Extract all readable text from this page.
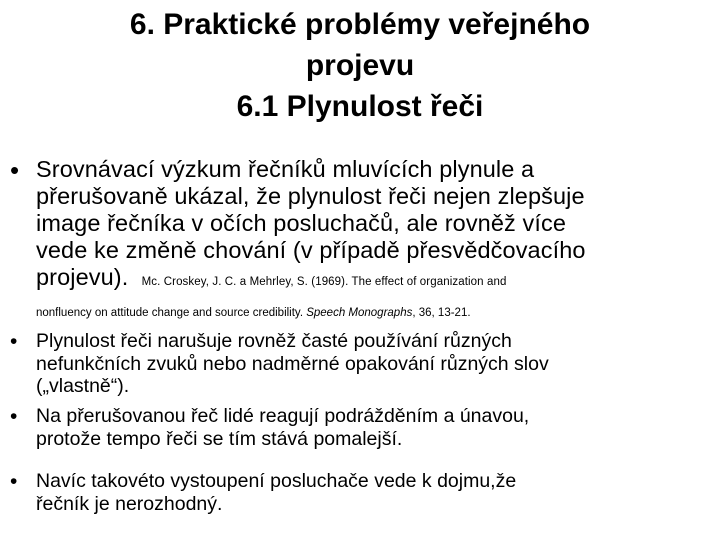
6. Praktické problémy veřejného
projevu
6.1 Plynulost řeči
• Srovnávací výzkum řečníků mluvících plynule a
přerušovaně ukázal, že plynulost řeči nejen zlepšuje
image řečníka v očích posluchačů, ale rovněž více
vede ke změně chování (v případě přesvědčovacího
projevu). Mc. Croskey, J. C. a Mehrley, S. (1969). The effect of organization and
nonfluency on attitude change and source credibility. Speech Monographs, 36, 13-21.
• Plynulost řeči narušuje rovněž časté používání různých
nefunkčních zvuků nebo nadměrné opakování různých slov
(„vlastně“).
• Na přerušovanou řeč lidé reagují podrážděním a únavou,
protože tempo řeči se tím stává pomalejší.
• Navíc takovéto vystoupení posluchače vede k dojmu,že
řečník je nerozhodný.
